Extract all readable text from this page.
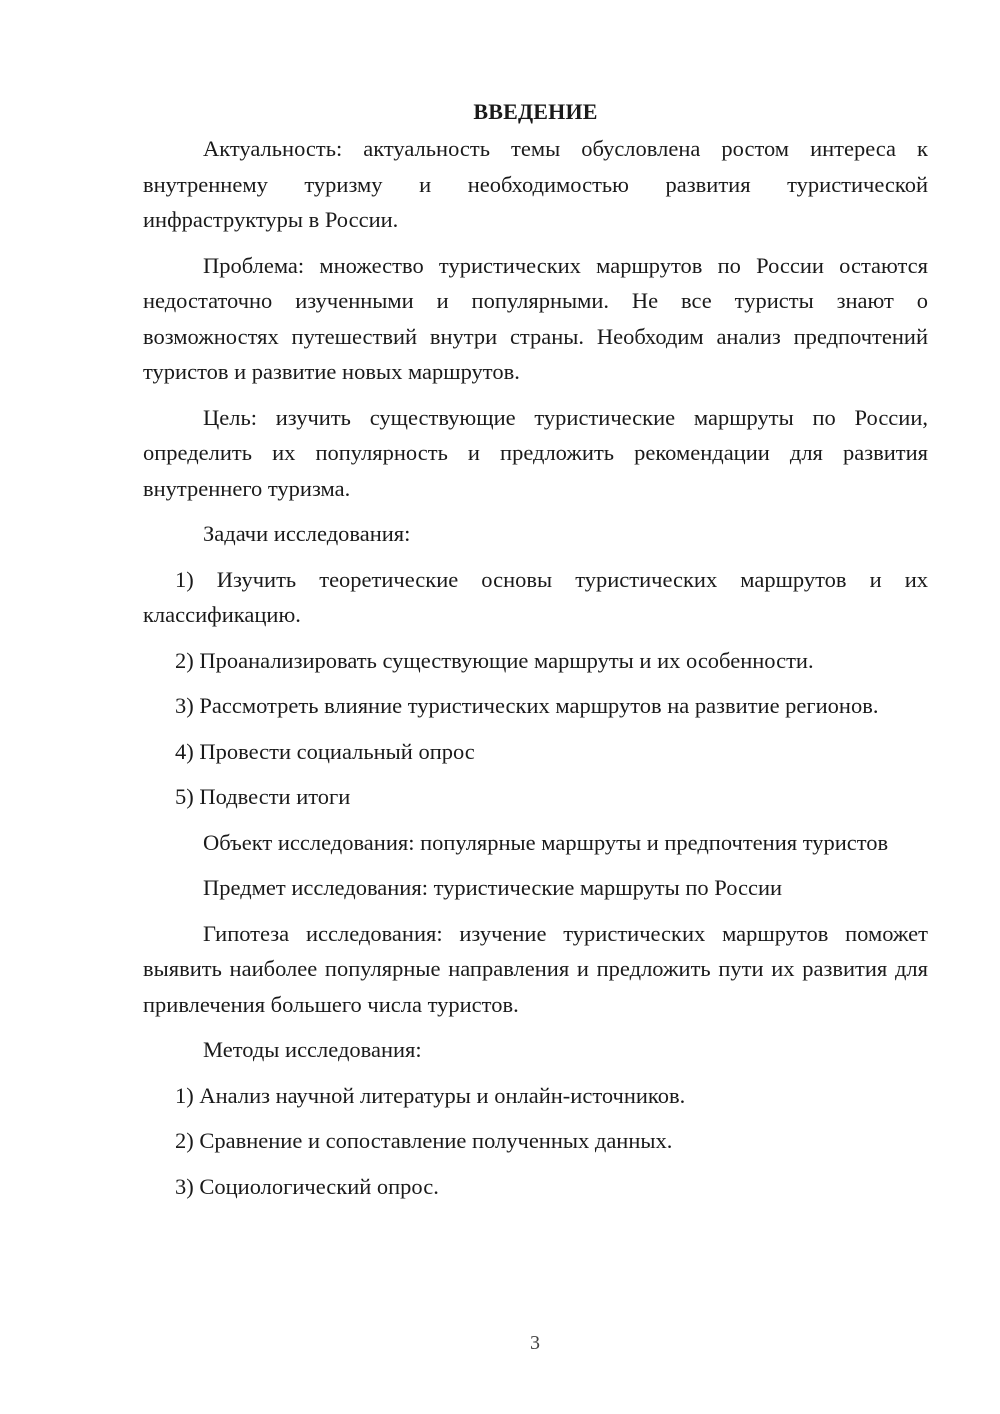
ВВЕДЕНИЕ

Актуальность: актуальность темы обусловлена ростом интереса к внутреннему туризму и необходимостью развития туристической инфраструктуры в России.

Проблема: множество туристических маршрутов по России остаются недостаточно изученными и популярными. Не все туристы знают о возможностях путешествий внутри страны. Необходим анализ предпочтений туристов и развитие новых маршрутов.

Цель: изучить существующие туристические маршруты по России, определить их популярность и предложить рекомендации для развития внутреннего туризма.

Задачи исследования:

1) Изучить теоретические основы туристических маршрутов и их классификацию.

2) Проанализировать существующие маршруты и их особенности.

3) Рассмотреть влияние туристических маршрутов на развитие регионов.

4) Провести социальный опрос

5) Подвести итоги

Объект исследования: популярные маршруты и предпочтения туристов

Предмет исследования: туристические маршруты по России

Гипотеза исследования: изучение туристических маршрутов поможет выявить наиболее популярные направления и предложить пути их развития для привлечения большего числа туристов.

Методы исследования:

1) Анализ научной литературы и онлайн-источников.

2) Сравнение и сопоставление полученных данных.

3) Социологический опрос.

3
